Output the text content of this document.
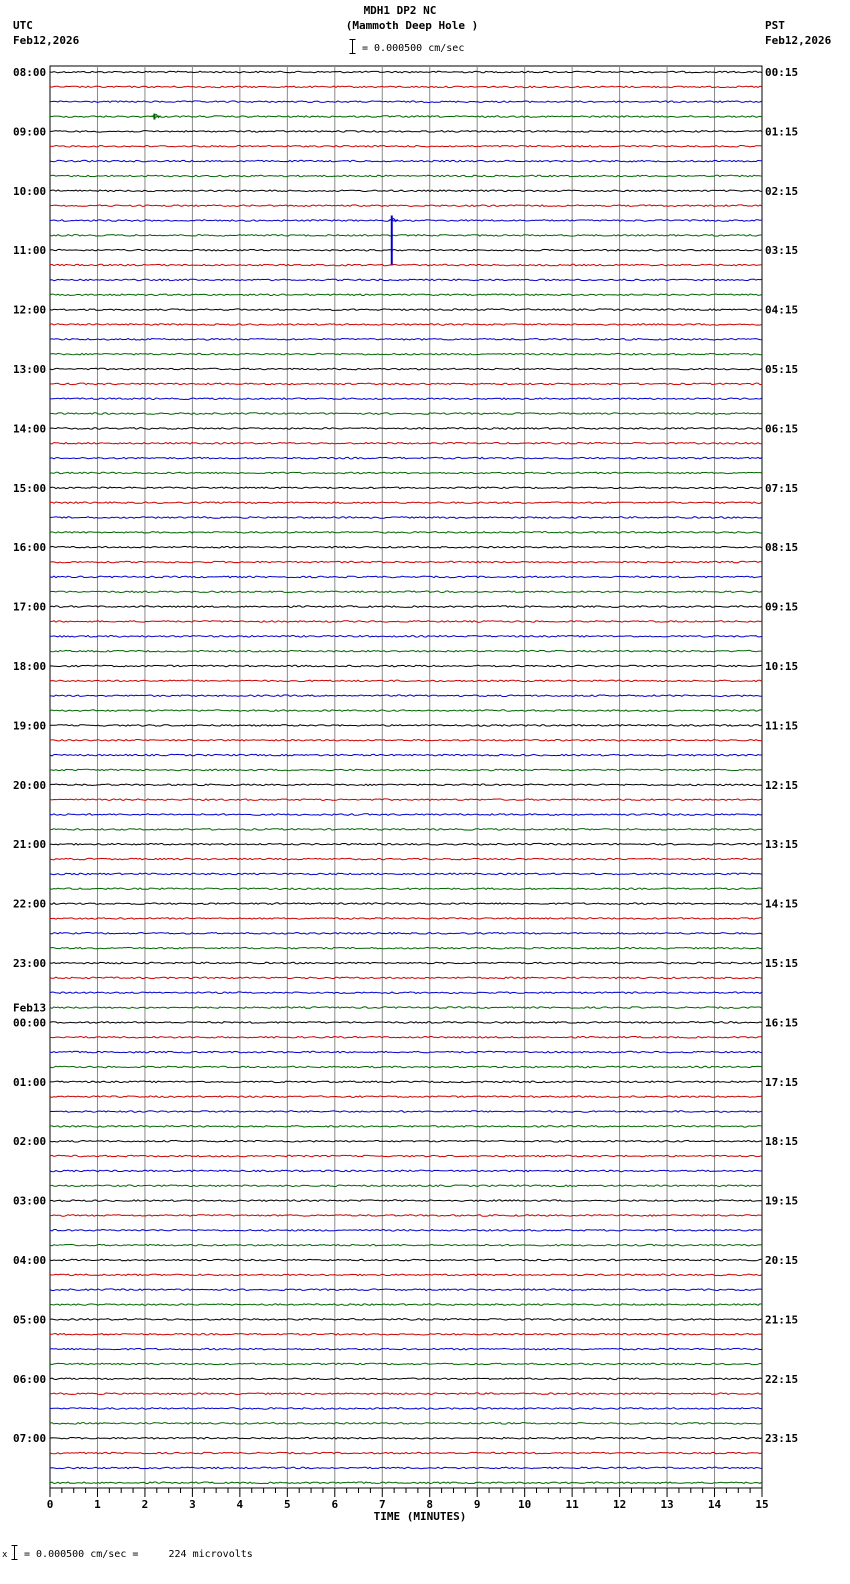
MDH1 DP2 NC
(Mammoth Deep Hole )
UTC
Feb12,2026
PST
Feb12,2026
= 0.000500 cm/sec
08:00
09:00
10:00
11:00
12:00
13:00
14:00
15:00
16:00
17:00
18:00
19:00
20:00
21:00
22:00
23:00
00:00
Feb13
01:00
02:00
03:00
04:00
05:00
06:00
07:00
00:15
01:15
02:15
03:15
04:15
05:15
06:15
07:15
08:15
09:15
10:15
11:15
12:15
13:15
14:15
15:15
16:15
17:15
18:15
19:15
20:15
21:15
22:15
23:15
0	1	2	3	4	5	6	7	8	9	10	11	12	13	14	15
TIME (MINUTES)
x = 0.000500 cm/sec =     224 microvolts
